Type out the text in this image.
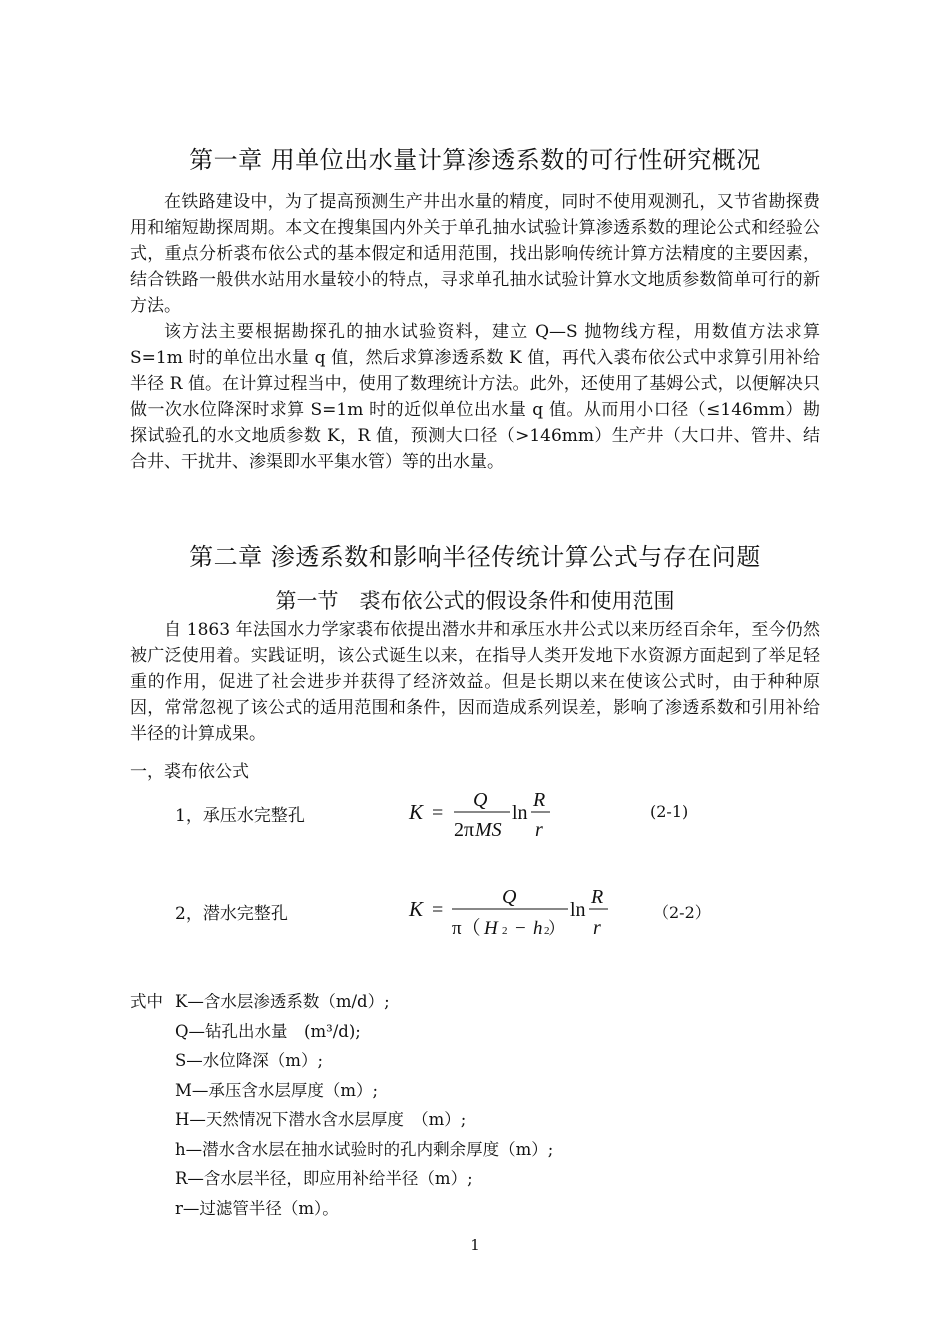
第一章 用单位出水量计算渗透系数的可行性研究概况

在铁路建设中，为了提高预测生产井出水量的精度，同时不使用观测孔，又节省勘探费用和缩短勘探周期。本文在搜集国内外关于单孔抽水试验计算渗透系数的理论公式和经验公式，重点分析裘布依公式的基本假定和适用范围，找出影响传统计算方法精度的主要因素，结合铁路一般供水站用水量较小的特点，寻求单孔抽水试验计算水文地质参数简单可行的新方法。

该方法主要根据勘探孔的抽水试验资料，建立 Q—S 抛物线方程，用数值方法求算 S=1m 时的单位出水量 q 值，然后求算渗透系数 K 值，再代入裘布依公式中求算引用补给半径 R 值。在计算过程当中，使用了数理统计方法。此外，还使用了基姆公式，以便解决只做一次水位降深时求算 S=1m 时的近似单位出水量 q 值。从而用小口径（≤146mm）勘探试验孔的水文地质参数 K，R 值，预测大口径（>146mm）生产井（大口井、管井、结合井、干扰井、渗渠即水平集水管）等的出水量。

第二章 渗透系数和影响半径传统计算公式与存在问题
第一节　裘布依公式的假设条件和使用范围

自 1863 年法国水力学家裘布依提出潜水井和承压水井公式以来历经百余年，至今仍然被广泛使用着。实践证明，该公式诞生以来，在指导人类开发地下水资源方面起到了举足轻重的作用，促进了社会进步并获得了经济效益。但是长期以来在使该公式时，由于种种原因，常常忽视了该公式的适用范围和条件，因而造成系列误差，影响了渗透系数和引用补给半径的计算成果。

一，裘布依公式
1，承压水完整孔	K =
Q
2π MS
ln
R
r
(2-1)
2，潜水完整孔	K =
Q
π（ H 2 − h 2
）
ln
R
r
（2-2）
式中 K—含水层渗透系数（m/d）;
Q—钻孔出水量　(m³/d);
S—水位降深（m）;
M—承压含水层厚度（m）;
H—天然情况下潜水含水层厚度　（m）;
h—潜水含水层在抽水试验时的孔内剩余厚度（m）;
R—含水层半径，即应用补给半径（m）;
r—过滤管半径（m）。
1
